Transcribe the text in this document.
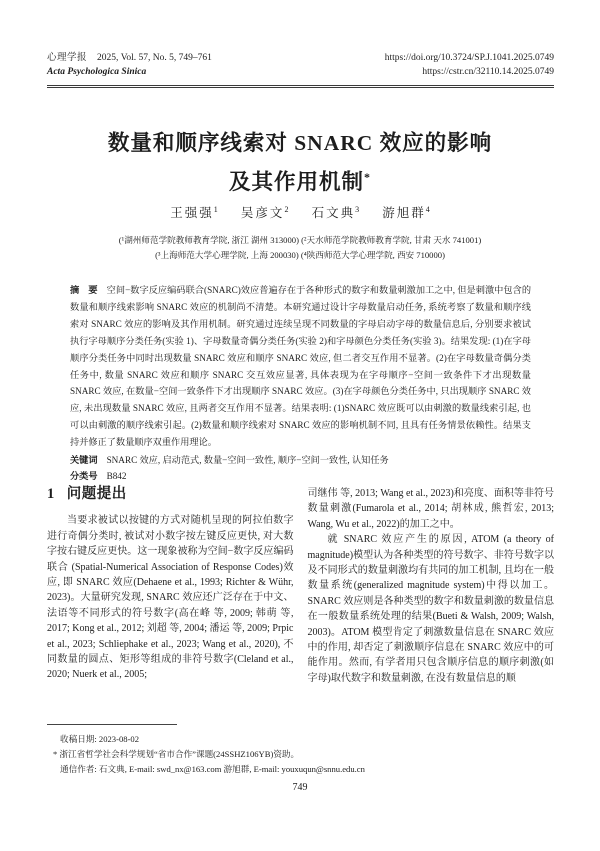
心理学报 2025, Vol. 57, No. 5, 749–761
Acta Psychologica Sinica
https://doi.org/10.3724/SP.J.1041.2025.0749
https://cstr.cn/32110.14.2025.0749
数量和顺序线索对 SNARC 效应的影响
及其作用机制*
王强强$^1$ 吴彦文$^2$ 石文典$^3$ 游旭群$^4$
(¹湖州师范学院教师教育学院, 浙江 湖州 313000) (²天水师范学院教师教育学院, 甘肃 天水 741001)
(³上海师范大学心理学院, 上海 200030) (⁴陕西师范大学心理学院, 西安 710000)
摘　要 空间−数字反应编码联合(SNARC)效应普遍存在于各种形式的数字和数量刺激加工之中, 但是刺激中包含的数量和顺序线索影响 SNARC 效应的机制尚不清楚。本研究通过设计字母数量启动任务, 系统考察了数量和顺序线索对 SNARC 效应的影响及其作用机制。研究通过连续呈现不同数量的字母启动字母的数量信息后, 分别要求被试执行字母顺序分类任务(实验 1)、字母数量奇偶分类任务(实验 2)和字母颜色分类任务(实验 3)。结果发现: (1)在字母顺序分类任务中同时出现数量 SNARC 效应和顺序 SNARC 效应, 但二者交互作用不显著。(2)在字母数量奇偶分类任务中, 数量 SNARC 效应和顺序 SNARC 交互效应显著, 具体表现为在字母顺序−空间一致条件下才出现数量 SNARC 效应, 在数量−空间一致条件下才出现顺序 SNARC 效应。(3)在字母颜色分类任务中, 只出现顺序 SNARC 效应, 未出现数量 SNARC 效应, 且两者交互作用不显著。结果表明: (1)SNARC 效应既可以由刺激的数量线索引起, 也可以由刺激的顺序线索引起。(2)数量和顺序线索对 SNARC 效应的影响机制不同, 且具有任务情景依赖性。结果支持并修正了数量顺序双重作用理论。
关键词 SNARC 效应, 启动范式, 数量−空间一致性, 顺序−空间一致性, 认知任务
分类号 B842
1 问题提出

当要求被试以按键的方式对随机呈现的阿拉伯数字进行奇偶分类时, 被试对小数字按左键反应更快, 对大数字按右键反应更快。这一现象被称为空间−数字反应编码联合 (Spatial-Numerical Association of Response Codes)效应, 即 SNARC 效应(Dehaene et al., 1993; Richter & Wühr, 2023)。大量研究发现, SNARC 效应还广泛存在于中文、法语等不同形式的符号数字(高在峰 等, 2009; 韩萌 等, 2017; Kong et al., 2012; 刘超 等, 2004; 潘运 等, 2009; Prpic et al., 2023; Schliephake et al., 2023; Wang et al., 2020), 不同数量的圆点、矩形等组成的非符号数字(Cleland et al., 2020; Nuerk et al., 2005;

司继伟 等, 2013; Wang et al., 2023)和亮度、面积等非符号数量刺激(Fumarola et al., 2014; 胡林成, 熊哲宏, 2013; Wang, Wu et al., 2022)的加工之中。

就 SNARC 效应产生的原因, ATOM (a theory of magnitude)模型认为各种类型的符号数字、非符号数字以及不同形式的数量刺激均有共同的加工机制, 且均在一般数量系统(generalized magnitude system)中得以加工。SNARC 效应则是各种类型的数字和数量刺激的数量信息在一般数量系统处理的结果(Bueti & Walsh, 2009; Walsh, 2003)。ATOM 模型肯定了刺激数量信息在 SNARC 效应中的作用, 却否定了刺激顺序信息在 SNARC 效应中的可能作用。然而, 有学者用只包含顺序信息的顺序刺激(如字母)取代数字和数量刺激, 在没有数量信息的顺

收稿日期: 2023-08-02
* 浙江省哲学社会科学规划“省市合作”课题(24SSHZ106YB)资助。
通信作者: 石文典, E-mail: swd_nx@163.com 游旭群, E-mail: youxuqun@snnu.edu.cn
749
